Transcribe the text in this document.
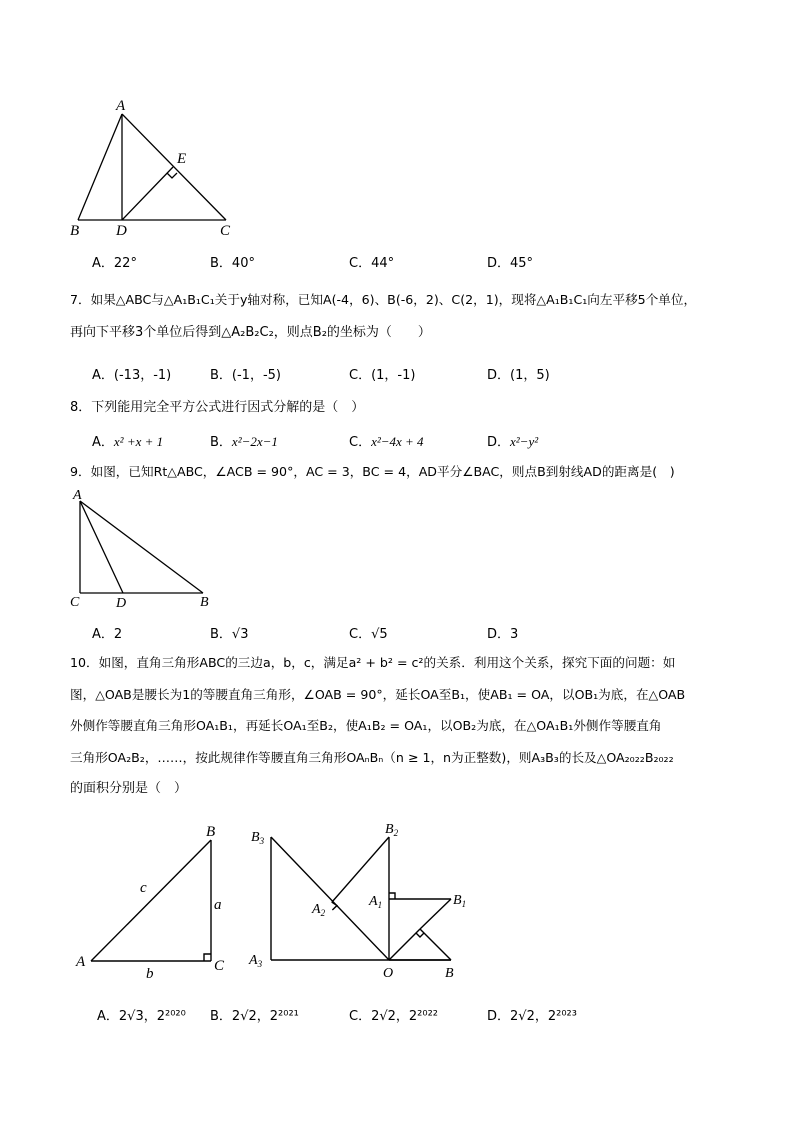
A
E
B D	C
A．22°	B．40°	C．44°	D．45°
7．如果△ABC与△A₁B₁C₁关于y轴对称，已知A(-4，6)、B(-6，2)、C(2，1)，现将△A₁B₁C₁向左平移5个单位，
再向下平移3个单位后得到△A₂B₂C₂，则点B₂的坐标为（　　）
A．(-13，-1)	B．(-1，-5)	C．(1，-1)	D．(1，5)
8．下列能用完全平方公式进行因式分解的是（　）
A．x² +x + 1	B．x²−2x−1	C．x²−4x + 4	D．x²−y²
9．如图，已知Rt△ABC，∠ACB = 90°，AC = 3，BC = 4，AD平分∠BAC，则点B到射线AD的距离是(　)
A
C	D	B
A．2	B．√3	C．√5	D．3
10．如图，直角三角形ABC的三边a，b，c，满足a² + b² = c²的关系．利用这个关系，探究下面的问题：如
图，△OAB是腰长为1的等腰直角三角形，∠OAB = 90°，延长OA至B₁，使AB₁ = OA，以OB₁为底，在△OAB
外侧作等腰直角三角形OA₁B₁，再延长OA₁至B₂，使A₁B₂ = OA₁，以OB₂为底，在△OA₁B₁外侧作等腰直角
三角形OA₂B₂，……，按此规律作等腰直角三角形OAₙBₙ（n ≥ 1，n为正整数)，则A₃B₃的长及△OA₂₀₂₂B₂₀₂₂
的面积分别是（　）
A
B
C
a
b
c
$B_3$
$B_2$
$A_2$
$A_1$	$B_1$
$A_3$
O	B
A．2√3，2²⁰²⁰ B．2√2，2²⁰²¹	C．2√2，2²⁰²²	D．2√2，2²⁰²³
